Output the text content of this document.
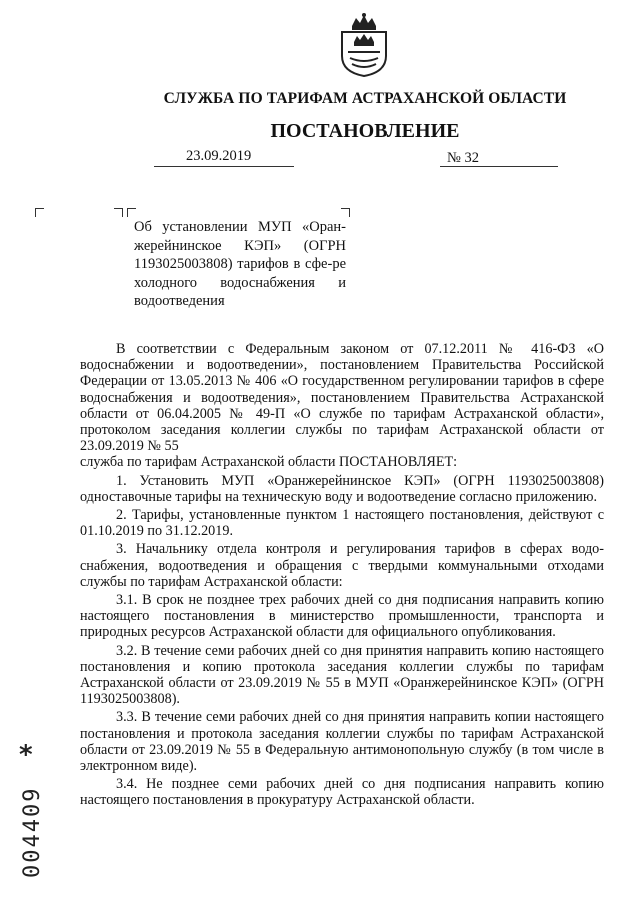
СЛУЖБА ПО ТАРИФАМ АСТРАХАНСКОЙ ОБЛАСТИ
ПОСТАНОВЛЕНИЕ
23.09.2019	№ 32
Об установлении МУП «Оран-жерейнинское КЭП» (ОГРН 1193025003808) тарифов в сфе-ре холодного водоснабжения и водоотведения

В соответствии с Федеральным законом от 07.12.2011 № 416-ФЗ «О водоснабжении и водоотведении», постановлением Правительства Российской Федерации от 13.05.2013 № 406 «О государственном регулировании тарифов в сфере водоснабжения и водоотведения», постановлением Правительства Астраханской области от 06.04.2005 № 49-П «О службе по тарифам Астраханской области», протоколом заседания коллегии службы по тарифам Астраханской области от 23.09.2019 № 55

служба по тарифам Астраханской области ПОСТАНОВЛЯЕТ:

1. Установить МУП «Оранжерейнинское КЭП» (ОГРН 1193025003808) одноставочные тарифы на техническую воду и водоотведение согласно приложению.

2. Тарифы, установленные пунктом 1 настоящего постановления, действуют с 01.10.2019 по 31.12.2019.

3. Начальнику отдела контроля и регулирования тарифов в сферах водо-снабжения, водоотведения и обращения с твердыми коммунальными отходами службы по тарифам Астраханской области:

3.1. В срок не позднее трех рабочих дней со дня подписания направить копию настоящего постановления в министерство промышленности, транспорта и природных ресурсов Астраханской области для официального опубликования.

3.2. В течение семи рабочих дней со дня принятия направить копию настоящего постановления и копию протокола заседания коллегии службы по тарифам Астраханской области от 23.09.2019 № 55 в МУП «Оранжерейнинское КЭП» (ОГРН 1193025003808).

3.3. В течение семи рабочих дней со дня принятия направить копии настоящего постановления и протокола заседания коллегии службы по тарифам Астраханской области от 23.09.2019 № 55 в Федеральную антимонопольную службу (в том числе в электронном виде).

3.4. Не позднее семи рабочих дней со дня подписания направить копию настоящего постановления в прокуратуру Астраханской области.

004409
*
